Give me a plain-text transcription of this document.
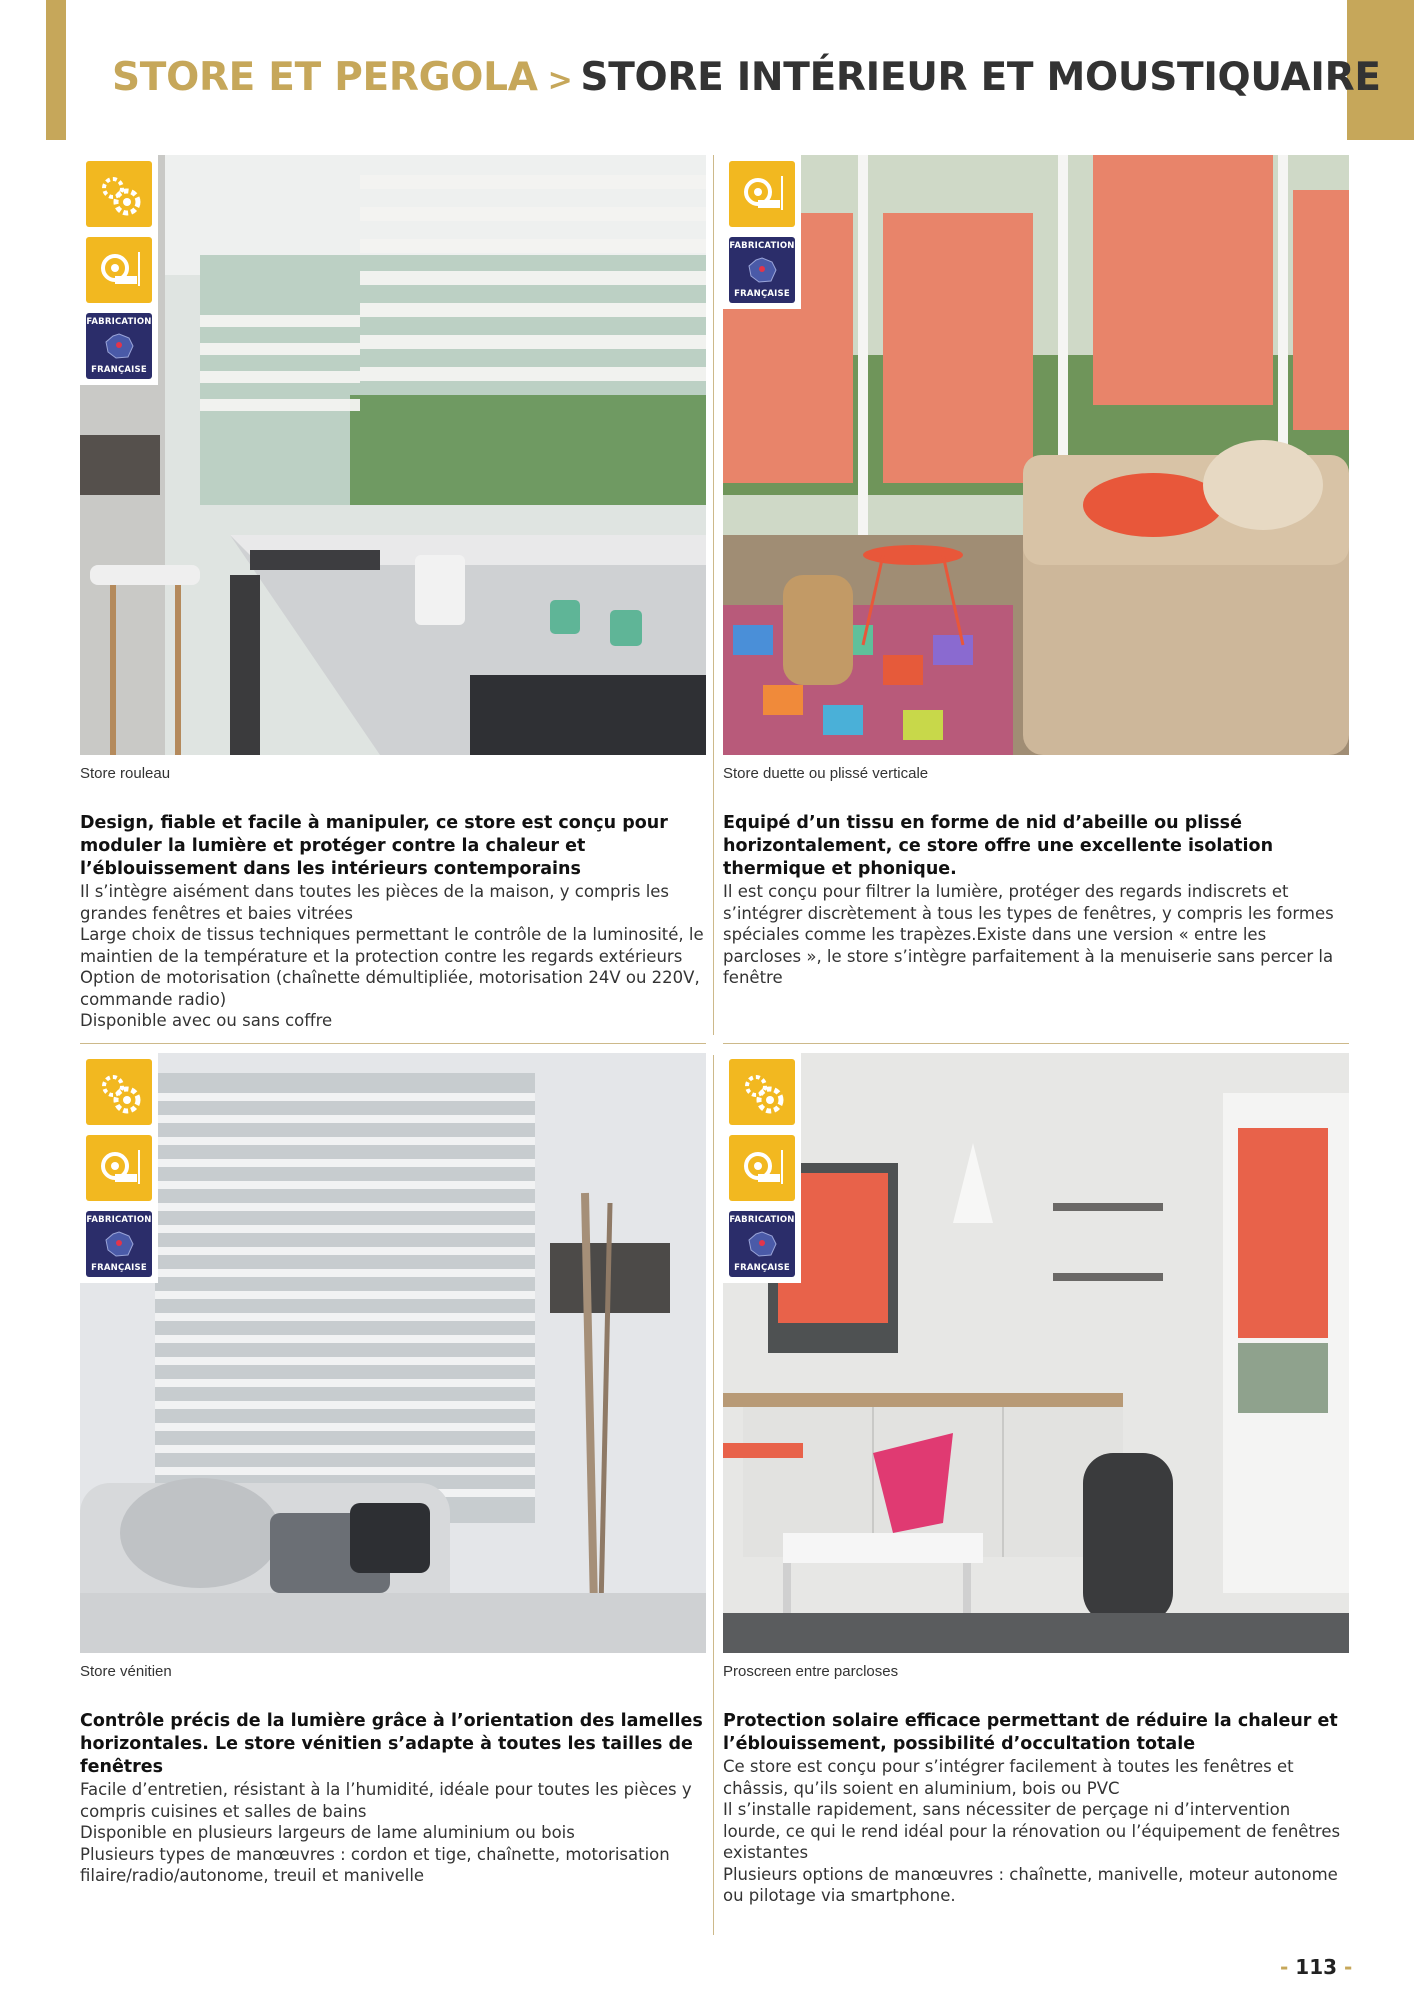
STORE ET PERGOLA > STORE INTÉRIEUR ET MOUSTIQUAIRE
FABRICATION
FRANÇAISE
Store rouleau
Design, fiable et facile à manipuler, ce store est conçu pour moduler la lumière et protéger contre la chaleur et l’éblouissement dans les intérieurs contemporains
Il s’intègre aisément dans toutes les pièces de la maison, y compris les grandes fenêtres et baies vitrées
Large choix de tissus techniques permettant le contrôle de la luminosité, le maintien de la température et la protection contre les regards extérieurs
Option de motorisation (chaînette démultipliée, motorisation 24V ou 220V, commande radio)
Disponible avec ou sans coffre
FABRICATION
FRANÇAISE
Store duette ou plissé verticale
Equipé d’un tissu en forme de nid d’abeille ou plissé horizontalement, ce store offre une excellente isolation thermique et phonique.
Il est conçu pour filtrer la lumière, protéger des regards indiscrets et s’intégrer discrètement à tous les types de fenêtres, y compris les formes spéciales comme les trapèzes.Existe dans une version « entre les parcloses », le store s’intègre parfaitement à la menuiserie sans percer la fenêtre
FABRICATION
FRANÇAISE
Store vénitien
Contrôle précis de la lumière grâce à l’orientation des lamelles horizontales. Le store vénitien s’adapte à toutes les tailles de fenêtres
Facile d’entretien, résistant à la l’humidité, idéale pour toutes les pièces y compris cuisines et salles de bains
Disponible en plusieurs largeurs de lame aluminium ou bois
Plusieurs types de manœuvres : cordon et tige, chaînette, motorisation filaire/radio/autonome, treuil et manivelle
FABRICATION
FRANÇAISE
Proscreen entre parcloses
Protection solaire efficace permettant de réduire la chaleur et l’éblouissement, possibilité d’occultation totale
Ce store est conçu pour s’intégrer facilement à toutes les fenêtres et châssis, qu’ils soient en aluminium, bois ou PVC
Il s’installe rapidement, sans nécessiter de perçage ni d’intervention lourde, ce qui le rend idéal pour la rénovation ou l’équipement de fenêtres existantes
Plusieurs options de manœuvres : chaînette, manivelle, moteur autonome ou pilotage via smartphone.
- 113 -
